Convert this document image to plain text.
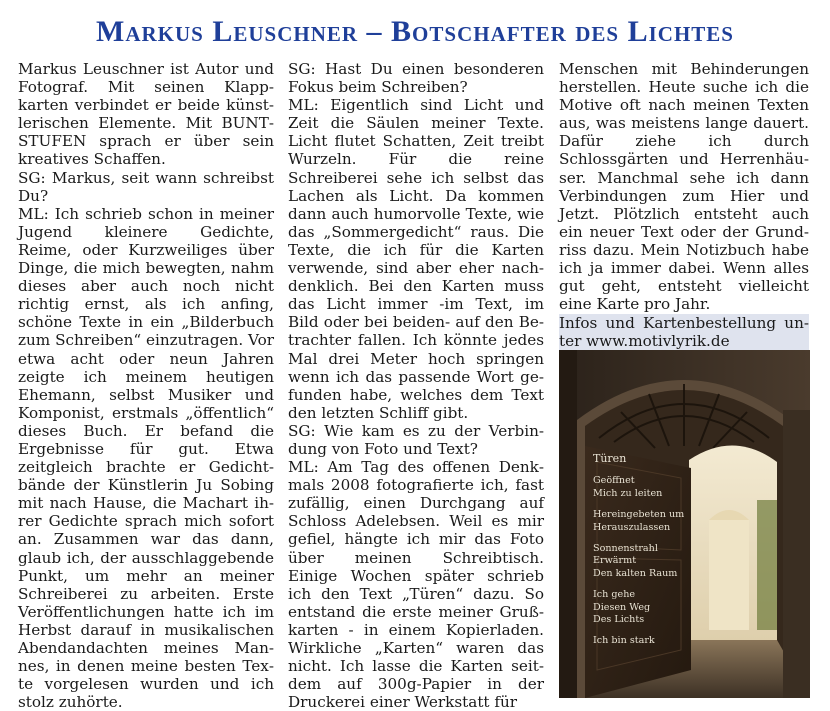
Markus Leuschner – Botschafter des Lichtes

Markus Leuschner ist Autor und Fotograf. Mit seinen Klappkarten verbindet er beide künstlerischen Elemente. Mit BUNTSTUFEN sprach er über sein kreatives Schaffen.

SG: Markus, seit wann schreibst Du?

ML: Ich schrieb schon in meiner Jugend kleinere Gedichte, Reime, oder Kurzweiliges über Dinge, die mich bewegten, nahm dieses aber auch noch nicht richtig ernst, als ich anfing, schöne Texte in ein „Bilderbuch zum Schreiben“ einzutragen. Vor etwa acht oder neun Jahren zeigte ich meinem heutigen Ehemann, selbst Musiker und Komponist, erstmals „öffentlich“ dieses Buch. Er befand die Ergebnisse für gut. Etwa zeitgleich brachte er Gedichtbände der Künstlerin Ju Sobing mit nach Hause, die Machart ihrer Gedichte sprach mich sofort an. Zusammen war das dann, glaub ich, der ausschlaggebende Punkt, um mehr an meiner Schreiberei zu arbeiten. Erste Veröffentlichungen hatte ich im Herbst darauf in musikalischen Abendandachten meines Mannes, in denen meine besten Texte vorgelesen wurden und ich stolz zuhörte.

SG: Hast Du einen besonderen Fokus beim Schreiben?

ML: Eigentlich sind Licht und Zeit die Säulen meiner Texte. Licht flutet Schatten, Zeit treibt Wurzeln. Für die reine Schreiberei sehe ich selbst das Lachen als Licht. Da kommen dann auch humorvolle Texte, wie das „Sommergedicht“ raus. Die Texte, die ich für die Karten verwende, sind aber eher nachdenklich. Bei den Karten muss das Licht immer -im Text, im Bild oder bei beiden- auf den Betrachter fallen. Ich könnte jedes Mal drei Meter hoch springen wenn ich das passende Wort gefunden habe, welches dem Text den letzten Schliff gibt.

SG: Wie kam es zu der Verbindung von Foto und Text?

ML: Am Tag des offenen Denkmals 2008 fotografierte ich, fast zufällig, einen Durchgang auf Schloss Adelebsen. Weil es mir gefiel, hängte ich mir das Foto über meinen Schreibtisch. Einige Wochen später schrieb ich den Text „Türen“ dazu. So entstand die erste meiner Grußkarten - in einem Kopierladen. Wirkliche „Karten“ waren das nicht. Ich lasse die Karten seitdem auf 300g-Papier in der Druckerei einer Werkstatt für

Menschen mit Behinderungen herstellen. Heute suche ich die Motive oft nach meinen Texten aus, was meistens lange dauert. Dafür ziehe ich durch Schlossgärten und Herrenhäuser. Manchmal sehe ich dann Verbindungen zum Hier und Jetzt. Plötzlich entsteht auch ein neuer Text oder der Grundriss dazu. Mein Notizbuch habe ich ja immer dabei. Wenn alles gut geht, entsteht vielleicht eine Karte pro Jahr.

Infos und Kartenbestellung unter www.motivlyrik.de

Türen
Geöffnet
Mich zu leiten
Hereingebeten um
Herauszulassen
Sonnenstrahl
Erwärmt
Den kalten Raum
Ich gehe
Diesen Weg
Des Lichts
Ich bin stark
